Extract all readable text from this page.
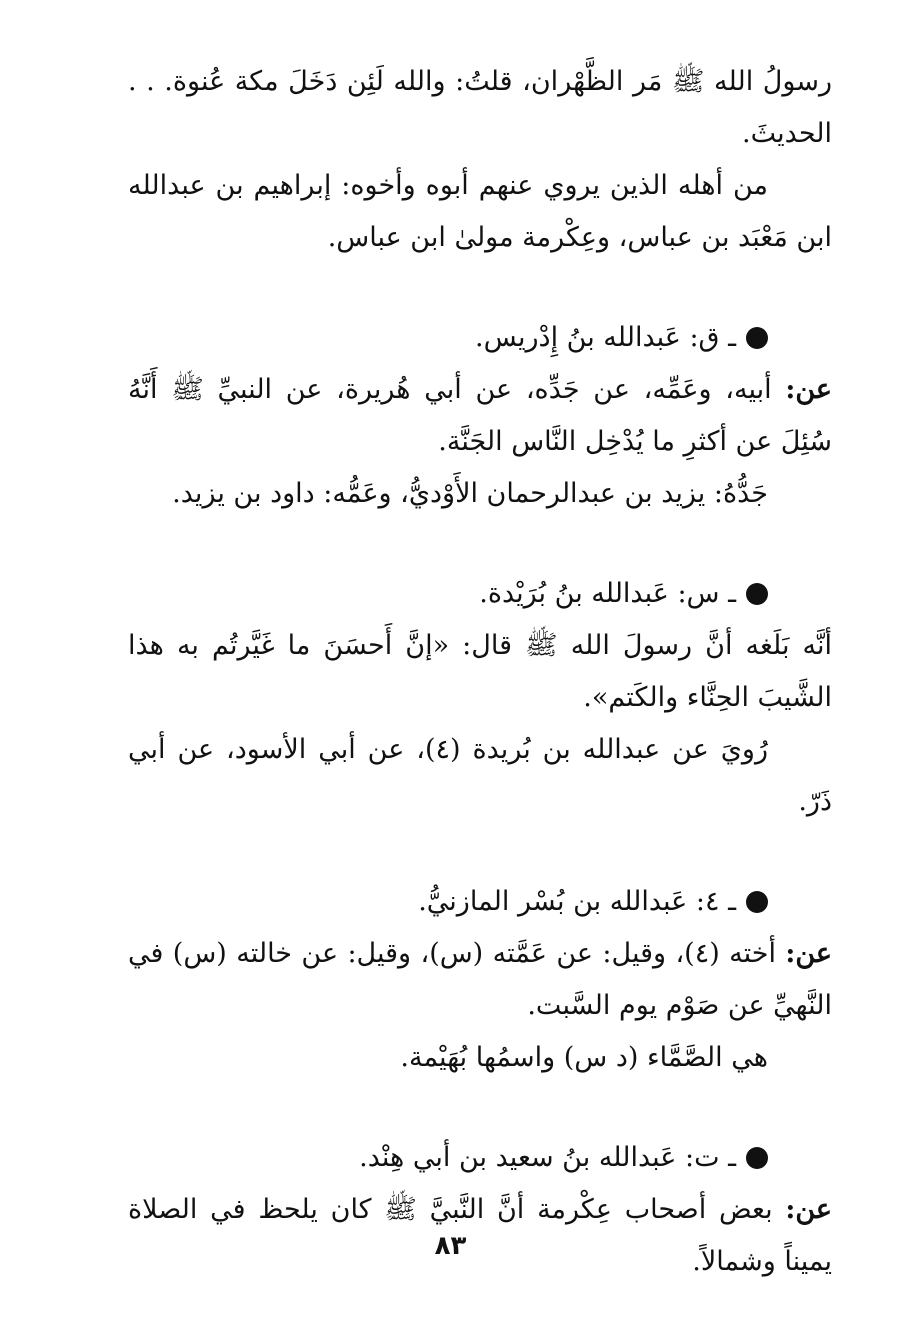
رسولُ الله ﷺ مَر الظَّهْران، قلتُ: والله لَئِن دَخَلَ مكة عُنوة. . . الحديثَ.

من أهله الذين يروي عنهم أبوه وأخوه: إبراهيم بن عبدالله ابن مَعْبَد بن عباس، وعِكْرمة مولىٰ ابن عباس.

ـ ق: عَبدالله بنُ إِدْريس.

عن: أبيه، وعَمِّه، عن جَدِّه، عن أبي هُريرة، عن النبيِّ ﷺ أَنَّهُ سُئِلَ عن أكثرِ ما يُدْخِل النَّاس الجَنَّة.

جَدُّهُ: يزيد بن عبدالرحمان الأَوْديُّ، وعَمُّه: داود بن يزيد.

ـ س: عَبدالله بنُ بُرَيْدة.

أنَّه بَلَغه أنَّ رسولَ الله ﷺ قال: «إنَّ أَحسَنَ ما غَيَّرتُم به هذا الشَّيبَ الحِنَّاء والكَتم».

رُويَ عن عبدالله بن بُريدة (٤)، عن أبي الأسود، عن أبي ذَرّ.

ـ ٤: عَبدالله بن بُسْر المازنيُّ.

عن: أخته (٤)، وقيل: عن عَمَّته (س)، وقيل: عن خالته (س) في النَّهيِّ عن صَوْم يوم السَّبت.

هي الصَّمَّاء (د س) واسمُها بُهَيْمة.

ـ ت: عَبدالله بنُ سعيد بن أبي هِنْد.

عن: بعض أصحاب عِكْرمة أنَّ النَّبيَّ ﷺ كان يلحظ في الصلاة يميناً وشمالاً.

٨٣
